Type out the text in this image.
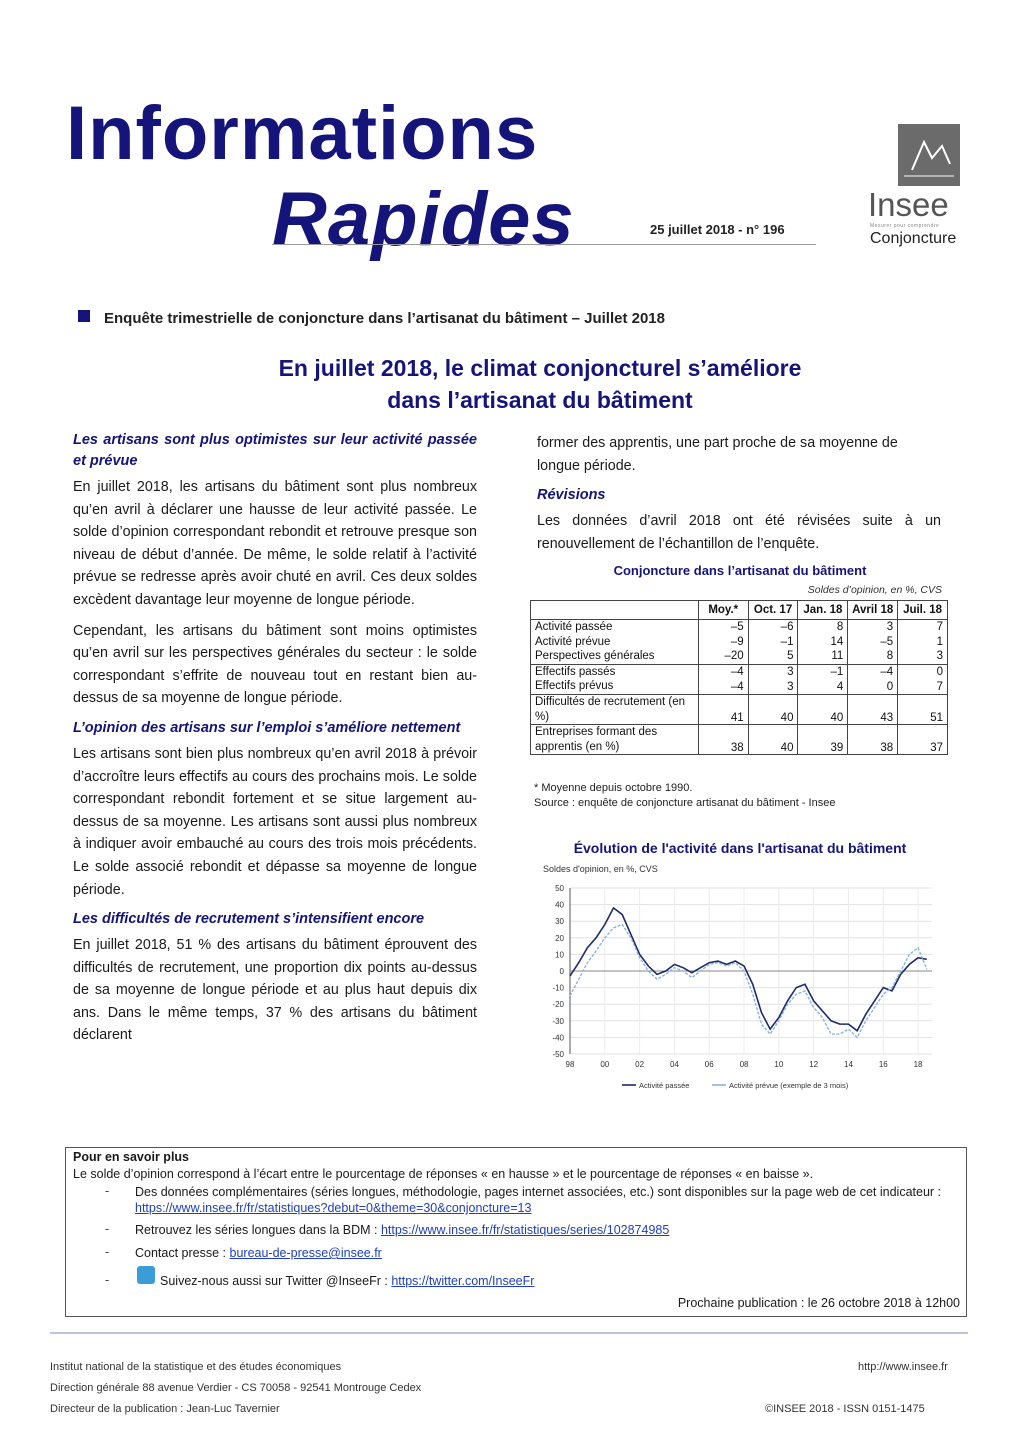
Informations
Rapides	25 juillet 2018 - n° 196
Insee
Mesurer pour comprendre
Conjoncture
Enquête trimestrielle de conjoncture dans l’artisanat du bâtiment – Juillet 2018
En juillet 2018, le climat conjoncturel s’améliore
dans l’artisanat du bâtiment
Les artisans sont plus optimistes sur leur activité passée et prévue

En juillet 2018, les artisans du bâtiment sont plus nombreux qu’en avril à déclarer une hausse de leur activité passée. Le solde d’opinion correspondant rebondit et retrouve presque son niveau de début d’année. De même, le solde relatif à l’activité prévue se redresse après avoir chuté en avril. Ces deux soldes excèdent davantage leur moyenne de longue période.

Cependant, les artisans du bâtiment sont moins optimistes qu’en avril sur les perspectives générales du secteur : le solde correspondant s’effrite de nouveau tout en restant bien au-dessus de sa moyenne de longue période.

L’opinion des artisans sur l’emploi s’améliore nettement

Les artisans sont bien plus nombreux qu’en avril 2018 à prévoir d’accroître leurs effectifs au cours des prochains mois. Le solde correspondant rebondit fortement et se situe largement au-dessus de sa moyenne. Les artisans sont aussi plus nombreux à indiquer avoir embauché au cours des trois mois précédents. Le solde associé rebondit et dépasse sa moyenne de longue période.

Les difficultés de recrutement s’intensifient encore

En juillet 2018, 51 % des artisans du bâtiment éprouvent des difficultés de recrutement, une proportion dix points au-dessus de sa moyenne de longue période et au plus haut depuis dix ans. Dans le même temps, 37 % des artisans du bâtiment déclarent

former des apprentis, une part proche de sa moyenne de longue période.

Révisions

Les données d’avril 2018 ont été révisées suite à un renouvellement de l’échantillon de l’enquête.

Conjoncture dans l’artisanat du bâtiment
Soldes d’opinion, en %, CVS
	Moy.*	Oct. 17	Jan. 18	Avril 18	Juil. 18
Activité passée	–5	–6	8	3	7
Activité prévue	–9	–1	14	–5	1
Perspectives générales	–20	5	11	8	3
Effectifs passés	–4	3	–1	–4	0
Effectifs prévus	–4	3	4	0	7
Difficultés de recrutement (en %)	41	40	40	43	51
Entreprises formant des apprentis (en %)	38	40	39	38	37
* Moyenne depuis octobre 1990.
Source : enquête de conjoncture artisanat du bâtiment - Insee
Évolution de l'activité dans l'artisanat du bâtiment
Soldes d'opinion, en %, CVS
50
40
30
20
10
0
-10
-20
-30
-40
-50
98	00	02	04	06	08	10	12	14	16	18
Activité passée	Activité prévue (exemple de 3 mois)
Pour en savoir plus
Le solde d’opinion correspond à l’écart entre le pourcentage de réponses « en hausse » et le pourcentage de réponses « en baisse ».
- Des données complémentaires (séries longues, méthodologie, pages internet associées, etc.) sont disponibles sur la page web de cet indicateur : https://www.insee.fr/fr/statistiques?debut=0&theme=30&conjoncture=13
- Retrouvez les séries longues dans la BDM : https://www.insee.fr/fr/statistiques/series/102874985
- Contact presse : bureau-de-presse@insee.fr
-	Suivez-nous aussi sur Twitter @InseeFr : https://twitter.com/InseeFr
Prochaine publication : le 26 octobre 2018 à 12h00
Institut national de la statistique et des études économiques
Direction générale 88 avenue Verdier - CS 70058 - 92541 Montrouge Cedex
Directeur de la publication : Jean-Luc Tavernier
http://www.insee.fr
©INSEE 2018 - ISSN 0151-1475
